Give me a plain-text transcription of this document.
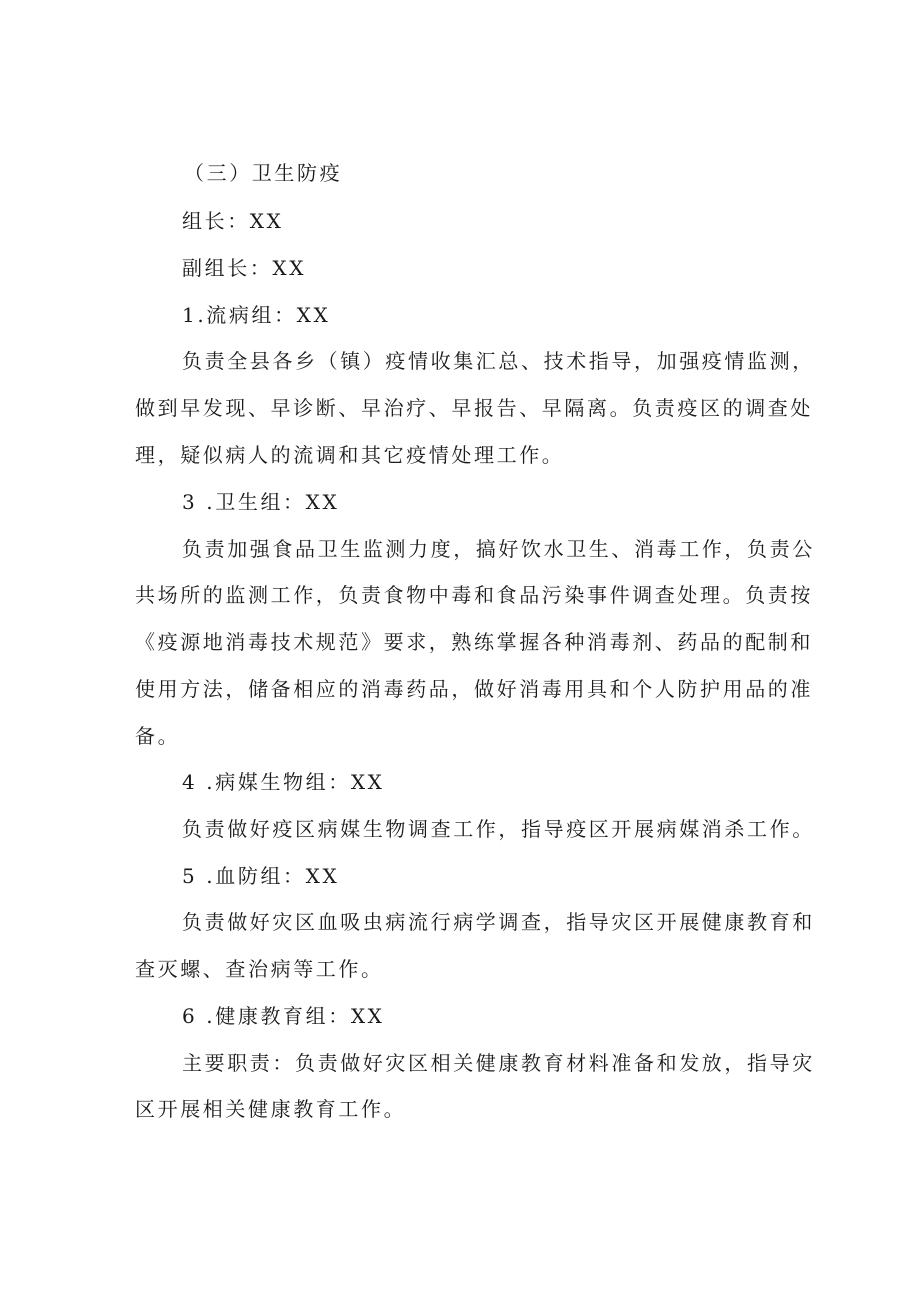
（三）卫生防疫
组长：XX
副组长：XX
1.流病组：XX
负责全县各乡（镇）疫情收集汇总、技术指导，加强疫情监测，
做到早发现、早诊断、早治疗、早报告、早隔离。负责疫区的调查处
理，疑似病人的流调和其它疫情处理工作。
3 .卫生组：XX
负责加强食品卫生监测力度，搞好饮水卫生、消毒工作，负责公
共场所的监测工作，负责食物中毒和食品污染事件调查处理。负责按
《疫源地消毒技术规范》要求，熟练掌握各种消毒剂、药品的配制和
使用方法，储备相应的消毒药品，做好消毒用具和个人防护用品的准
备。
4 .病媒生物组：XX
负责做好疫区病媒生物调查工作，指导疫区开展病媒消杀工作。
5 .血防组：XX
负责做好灾区血吸虫病流行病学调查，指导灾区开展健康教育和
查灭螺、查治病等工作。
6 .健康教育组：XX
主要职责：负责做好灾区相关健康教育材料准备和发放，指导灾
区开展相关健康教育工作。
